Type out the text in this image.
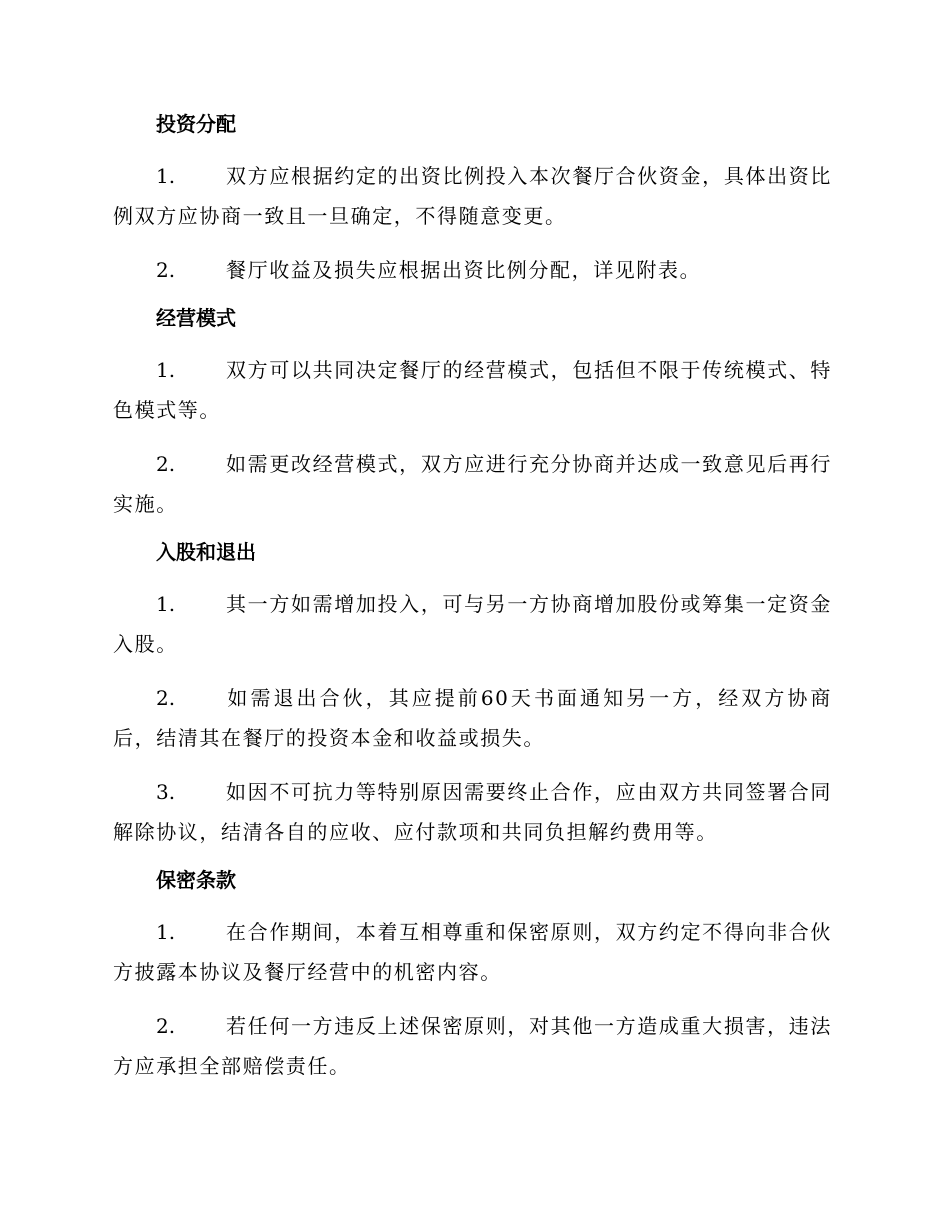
投资分配

1.	双方应根据约定的出资比例投入本次餐厅合伙资金，具体出资比例双方应协商一致且一旦确定，不得随意变更。

2.	餐厅收益及损失应根据出资比例分配，详见附表。

经营模式

1.	双方可以共同决定餐厅的经营模式，包括但不限于传统模式、特色模式等。

2.	如需更改经营模式，双方应进行充分协商并达成一致意见后再行实施。

入股和退出

1.	其一方如需增加投入，可与另一方协商增加股份或筹集一定资金入股。

2.	如需退出合伙，其应提前60天书面通知另一方，经双方协商后，结清其在餐厅的投资本金和收益或损失。

3.	如因不可抗力等特别原因需要终止合作，应由双方共同签署合同解除协议，结清各自的应收、应付款项和共同负担解约费用等。

保密条款

1.	在合作期间，本着互相尊重和保密原则，双方约定不得向非合伙方披露本协议及餐厅经营中的机密内容。

2.	若任何一方违反上述保密原则，对其他一方造成重大损害，违法方应承担全部赔偿责任。
